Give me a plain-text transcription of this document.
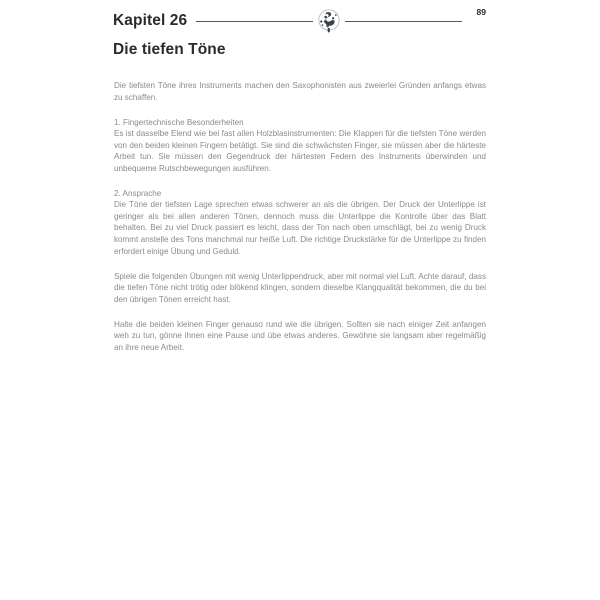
Kapitel 26
89
Die tiefen Töne

Die tiefsten Töne ihres Instruments machen den Saxophonisten aus zweierlei Gründen anfangs etwas zu schaffen.

1. Fingertechnische Besonderheiten

Es ist dasselbe Elend wie bei fast allen Holzblasinstrumenten: Die Klappen für die tiefsten Töne werden von den beiden kleinen Fingern betätigt. Sie sind die schwächsten Finger, sie müssen aber die härteste Arbeit tun. Sie müssen den Gegendruck der härtesten Federn des Instruments überwinden und unbequeme Rutschbewegungen ausführen.

2. Ansprache

Die Töne der tiefsten Lage sprechen etwas schwerer an als die übrigen. Der Druck der Unterlippe ist geringer als bei allen anderen Tönen, dennoch muss die Unterlippe die Kontrolle über das Blatt behalten. Bei zu viel Druck passiert es leicht, dass der Ton nach oben umschlägt, bei zu wenig Druck kommt anstelle des Tons manchmal nur heiße Luft. Die richtige Druckstärke für die Unterlippe zu finden erfordert einige Übung und Geduld.

Spiele die folgenden Übungen mit wenig Unterlippendruck, aber mit normal viel Luft. Achte darauf, dass die tiefen Töne nicht trötig oder blökend klingen, sondern dieselbe Klangqualität bekommen, die du bei den übrigen Tönen erreicht hast.

Halte die beiden kleinen Finger genauso rund wie die übrigen. Sollten sie nach einiger Zeit anfangen weh zu tun, gönne ihnen eine Pause und übe etwas anderes. Gewöhne sie langsam aber regelmäßig an ihre neue Arbeit.
